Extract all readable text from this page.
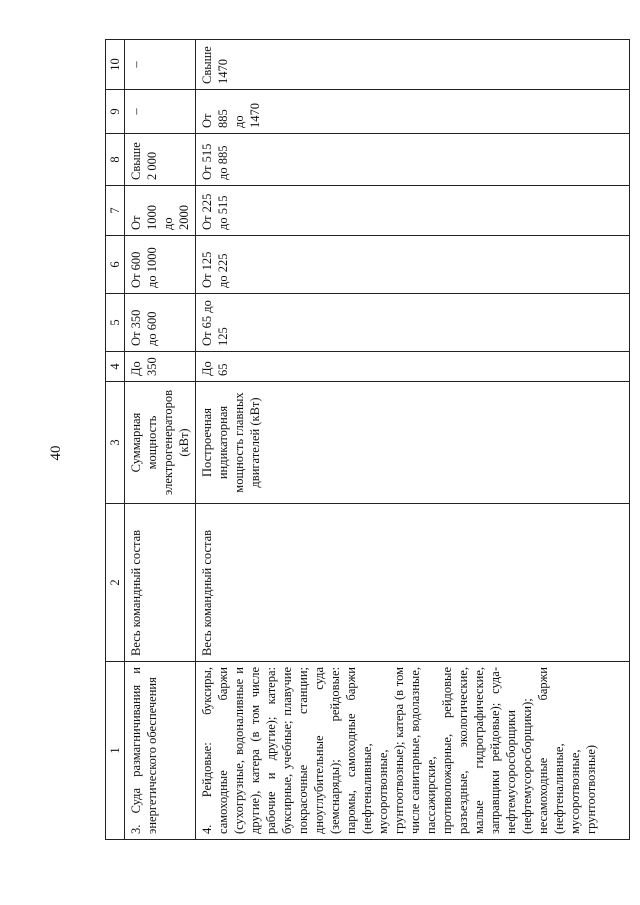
40
1	2	3	4	5	6	7	8	9	10
3. Суда размагничивания и энергетического обеспечения	Весь командный состав	Суммарная мощность электрогенераторов (кВт)	До 350	От 350 до 600	От 600 до 1000	От 1000 до 2000	Свыше 2 000	–	–
4. Рейдовые: буксиры, самоходные баржи (сухогрузные, водоналивные и другие), катера (в том числе рабочие и другие); катера: буксирные, учебные; плавучие покрасочные станции; дноуглубительные суда (земснаряды); рейдовые: паромы, самоходные баржи (нефтеналивные, мусоротвозные, грунтоотвозные); катера (в том числе санитарные, водолазные, пассажирские, противопожарные, рейдовые разъездные, экологические, малые гидрографические, заправщики рейдовые); суда-нефтемусоросборщики (нефтемусоросборщики); несамоходные баржи (нефтеналивные, мусоротвозные, грунтоотвозные)	Весь командный состав	Построечная индикаторная мощность главных двигателей (кВт)	До 65	От 65 до 125	От 125 до 225	От 225 до 515	От 515 до 885	От 885 до 1470	Свыше 1470
